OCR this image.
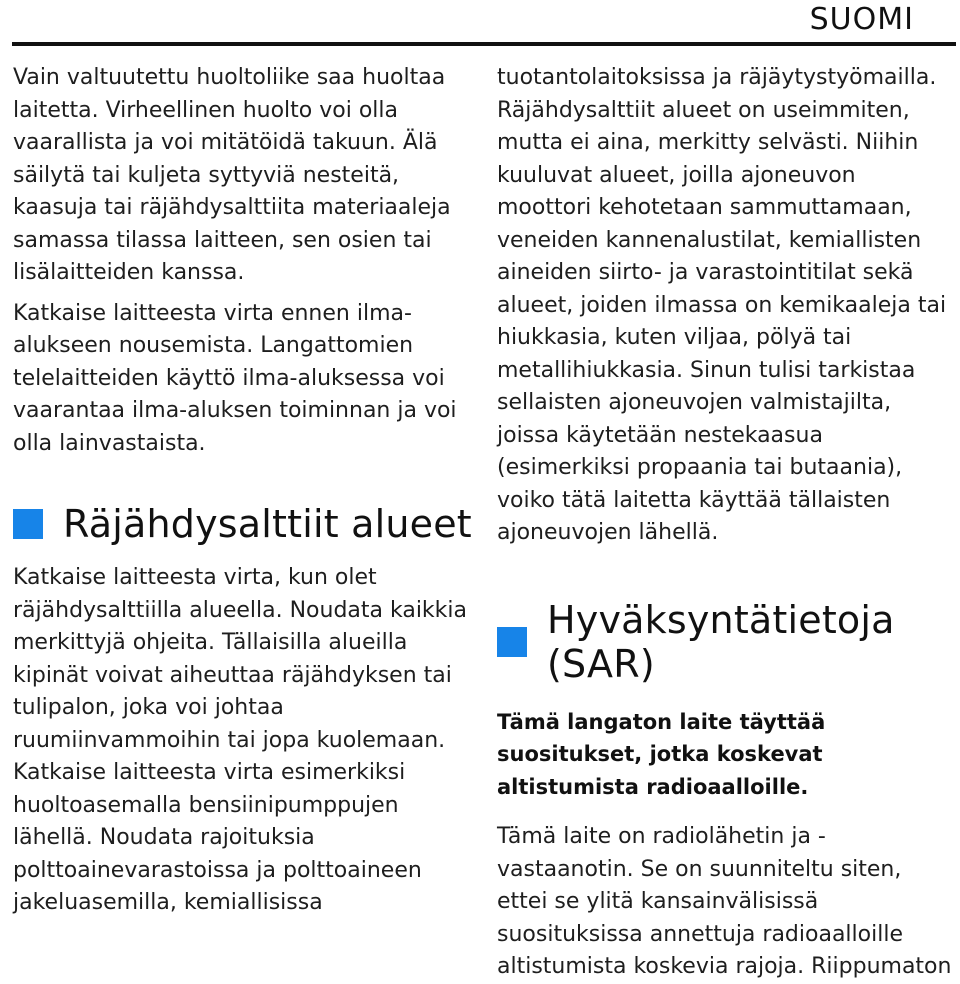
SUOMI

Vain valtuutettu huoltoliike saa huoltaa laitetta. Virheellinen huolto voi olla vaarallista ja voi mitätöidä takuun. Älä säilytä tai kuljeta syttyviä nesteitä, kaasuja tai räjähdysalttiita materiaaleja samassa tilassa laitteen, sen osien tai lisälaitteiden kanssa.

Katkaise laitteesta virta ennen ilma-alukseen nousemista. Langattomien telelaitteiden käyttö ilma-aluksessa voi vaarantaa ilma-aluksen toiminnan ja voi olla lainvastaista.

Räjähdysalttiit alueet

Katkaise laitteesta virta, kun olet räjähdysalttiilla alueella. Noudata kaikkia merkittyjä ohjeita. Tällaisilla alueilla kipinät voivat aiheuttaa räjähdyksen tai tulipalon, joka voi johtaa ruumiinvammoihin tai jopa kuolemaan. Katkaise laitteesta virta esimerkiksi huoltoasemalla bensiinipumppujen lähellä. Noudata rajoituksia polttoainevarastoissa ja polttoaineen jakeluasemilla, kemiallisissa

tuotantolaitoksissa ja räjäytystyömailla. Räjähdysalttiit alueet on useimmiten, mutta ei aina, merkitty selvästi. Niihin kuuluvat alueet, joilla ajoneuvon moottori kehotetaan sammuttamaan, veneiden kannenalustilat, kemiallisten aineiden siirto- ja varastointitilat sekä alueet, joiden ilmassa on kemikaaleja tai hiukkasia, kuten viljaa, pölyä tai metallihiukkasia. Sinun tulisi tarkistaa sellaisten ajoneuvojen valmistajilta, joissa käytetään nestekaasua (esimerkiksi propaania tai butaania), voiko tätä laitetta käyttää tällaisten ajoneuvojen lähellä.

Hyväksyntätietoja (SAR)

Tämä langaton laite täyttää suositukset, jotka koskevat altistumista radioaalloille.

Tämä laite on radiolähetin ja -vastaanotin. Se on suunniteltu siten, ettei se ylitä kansainvälisissä suosituksissa annettuja radioaalloille altistumista koskevia rajoja. Riippumaton
